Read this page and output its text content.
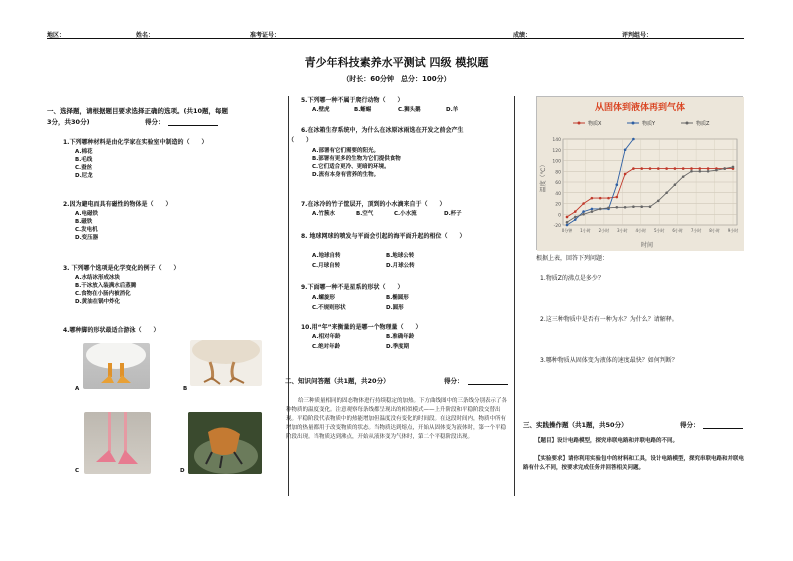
地区：	姓名：	准考证号：	成绩：	评判组号：
青少年科技素养水平测试 四级 模拟题
（时长：60分钟　总分：100分）
一、选择题，请根据题目要求选择正确的选项。(共10题，每题
3分，共30分)	得分：
1.下列哪种材料是由化学家在实验室中制造的（　　）
A.棉花
B.毛线
C.蚕丝
D.尼龙
2.因为避电而具有磁性的物体是（　　）
A.电磁铁
B.磁铁
C.发电机
D.变压器
3. 下列哪个选项是化学变化的例子（　　）
A.水结冰形成冰块
B.干冰放入装满水后蒸腾
C.食物在小肠内被消化
D.黄油在锅中炸化
4.哪种脚的形状最适合游泳（　　）
A	B
C	D
5.下列哪一种不属于爬行动物（　　）
A.壁虎	B.蜥蜴	C.狮头鹅	D.羊
6.在冰箱生存系统中，为什么在冰原冰雨选在开发之前会产生
（　　）
A.部署有它们需要的阳光。
B.部署有更多的生物为它们提供食物
C.它们适合更冷、更暗的环境。
D.流有本身有营养的生物。
7.在冰冷的竹子筐层开，顶到的小水滴来自于（　　）
A.竹簇水	B.空气	C.小水流	D.杯子
8. 地球网球的喷发与平面会引起的海平面升起的相位（　　）
A.地球自转	B.地球公转
C.月球自转	D.月球公转
9.下面哪一种不是星系的形状（　　）
A.螺旋形	B.椭圆形
C.不规则形状	D.圆形
10.用“年”来衡量的是哪一个物理量（　　）
A.相对年龄	B.准确年龄
C.绝对年龄	D.季度期
二、知识问答题（共1题，共20分）	得分：
给三种质量相同的固态物体进行持续稳定的加热。下方曲线图中的三条线分别表示了各种物质的温度变化。注意观察每条线都呈现出的相似模式——上升阶段和平稳阶段交替出现。平稳阶段代表物质中的热能增加但温度没有变化的时间段。在这段时间内，物质中所有增加的热量都用于改变物质的状态。当物质达到熔点，开始从固体变为液体时，第一个平稳阶段出现。当物质达到沸点，开始从液体变为气体时，第二个平稳阶段出现。
从固体到液体再到气体
物质X	物质Y	物质Z
-20
0
20
40
60
80
100
120
140
0分钟 1小时 2小时 3小时 4小时 5小时 6小时 7小时 8小时 9小时
温度（℃）
时间
根据上表，回答下列问题：
1.物质Z的沸点是多少？
2.这三种物质中是否有一种为水？为什么？请解释。
3.哪种物质从固体变为液体的速度最快？如何判断？
三、实践操作题（共1题，共50分）	得分：
【题目】设计电路模型，探究串联电路和并联电路的不同。
【实验要求】请你利用实验包中的材料和工具，设计电路模型，探究串联电路和并联电路有什么不同，按要求完成任务并回答相关问题。
